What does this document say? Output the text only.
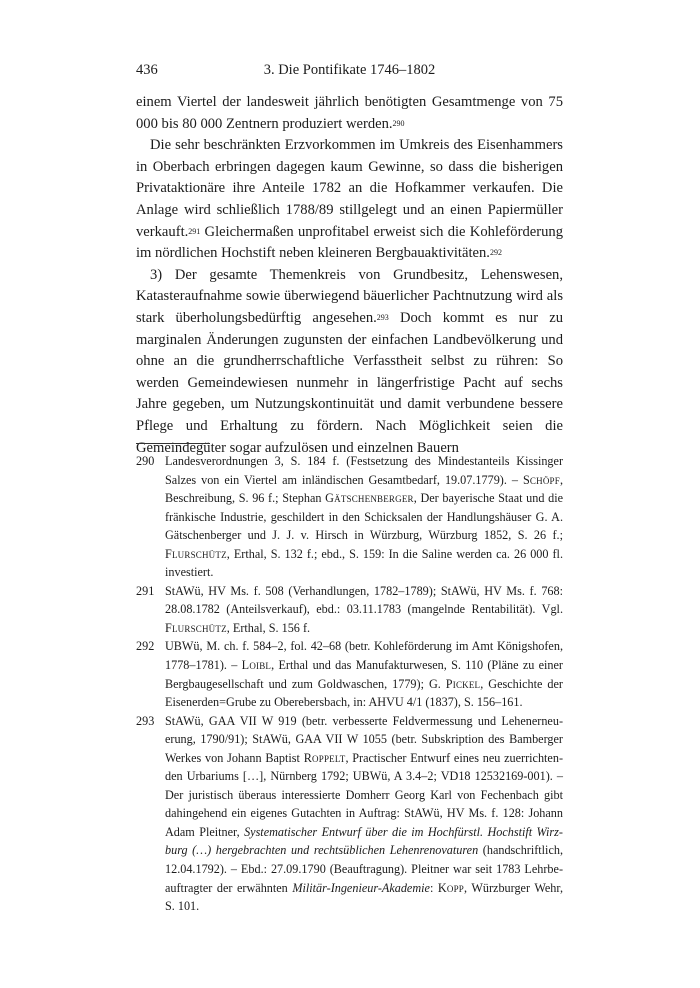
436	3. Die Pontifikate 1746–1802

einem Viertel der landesweit jährlich benötigten Gesamtmenge von 75 000 bis 80 000 Zentnern produziert werden.$^{290}$

Die sehr beschränkten Erzvorkommen im Umkreis des Eisenhammers in Oberbach erbringen dagegen kaum Gewinne, so dass die bisherigen Privataktionäre ihre Anteile 1782 an die Hofkammer verkaufen. Die Anlage wird schließlich 1788/89 stillgelegt und an einen Papiermüller verkauft.$^{291}$ Gleichermaßen unprofitabel erweist sich die Kohleförderung im nördlichen Hochstift neben kleineren Bergbauaktivitäten.$^{292}$

3) Der gesamte Themenkreis von Grundbesitz, Lehenswesen, Katasteraufnahme sowie überwiegend bäuerlicher Pachtnutzung wird als stark überholungsbedürftig angesehen.$^{293}$ Doch kommt es nur zu marginalen Änderungen zugunsten der einfachen Landbevölkerung und ohne an die grundherrschaftliche Verfasstheit selbst zu rühren: So werden Gemeindewiesen nunmehr in längerfristige Pacht auf sechs Jahre gegeben, um Nutzungskontinuität und damit verbundene bessere Pflege und Erhaltung zu fördern. Nach Möglichkeit seien die Gemeindegüter sogar aufzulösen und einzelnen Bauern

290 Landesverordnungen 3, S. 184 f. (Festsetzung des Mindestanteils Kissinger Salzes von ein Viertel am inländischen Gesamtbedarf, 19.07.1779). – Schöpf, Beschreibung, S. 96 f.; Stephan Gätschenberger, Der bayerische Staat und die fränkische Industrie, geschildert in den Schicksalen der Handlungshäuser G. A. Gätschenberger und J. J. v. Hirsch in Würzburg, Würzburg 1852, S. 26 f.; Flurschütz, Erthal, S. 132 f.; ebd., S. 159: In die Saline werden ca. 26 000 fl. investiert.
291 StAWü, HV Ms. f. 508 (Verhandlungen, 1782–1789); StAWü, HV Ms. f. 768: 28.08.1782 (Anteilsverkauf), ebd.: 03.11.1783 (mangelnde Rentabilität). Vgl. Flurschütz, Erthal, S. 156 f.
292 UBWü, M. ch. f. 584–2, fol. 42–68 (betr. Kohleförderung im Amt Königshofen, 1778–1781). – Loibl, Erthal und das Manufakturwesen, S. 110 (Pläne zu einer Bergbaugesellschaft und zum Goldwaschen, 1779); G. Pickel, Geschichte der Eisenerden=Grube zu Oberebersbach, in: AHVU 4/1 (1837), S. 156–161.
293 StAWü, GAA VII W 919 (betr. verbesserte Feldvermessung und Lehenerneuerung, 1790/91); StAWü, GAA VII W 1055 (betr. Subskription des Bamberger Werkes von Johann Baptist Roppelt, Practischer Entwurf eines neu zuerrichtenden Urbariums […], Nürnberg 1792; UBWü, A 3.4–2; VD18 12532169-001). – Der juristisch überaus interessierte Domherr Georg Karl von Fechenbach gibt dahingehend ein eigenes Gutachten in Auftrag: StAWü, HV Ms. f. 128: Johann Adam Pleitner, Systematischer Entwurf über die im Hochfürstl. Hochstift Wirzburg (…) hergebrachten und rechtsüblichen Lehenrenovaturen (handschriftlich, 12.04.1792). – Ebd.: 27.09.1790 (Beauftragung). Pleitner war seit 1783 Lehrbeauftragter der erwähnten Militär-Ingenieur-Akademie: Kopp, Würzburger Wehr, S. 101.
